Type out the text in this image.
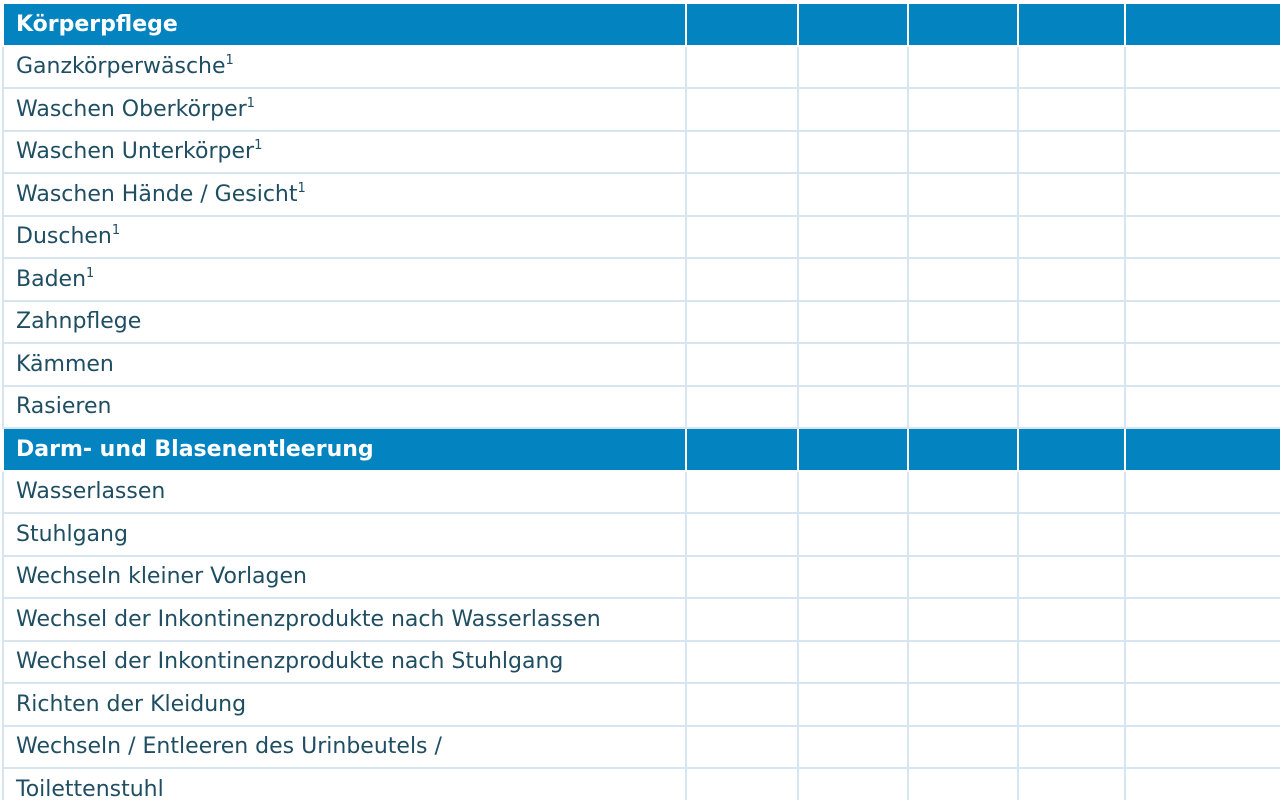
Körperpflege					
Ganzkörperwäsche$^1$					
Waschen Oberkörper$^1$					
Waschen Unterkörper$^1$					
Waschen Hände / Gesicht$^1$					
Duschen$^1$					
Baden$^1$					
Zahnpflege					
Kämmen					
Rasieren					
Darm- und Blasenentleerung					
Wasserlassen					
Stuhlgang					
Wechseln kleiner Vorlagen					
Wechsel der Inkontinenzprodukte nach Wasserlassen					
Wechsel der Inkontinenzprodukte nach Stuhlgang					
Richten der Kleidung					
Wechseln / Entleeren des Urinbeutels /					
Toilettenstuhl					
